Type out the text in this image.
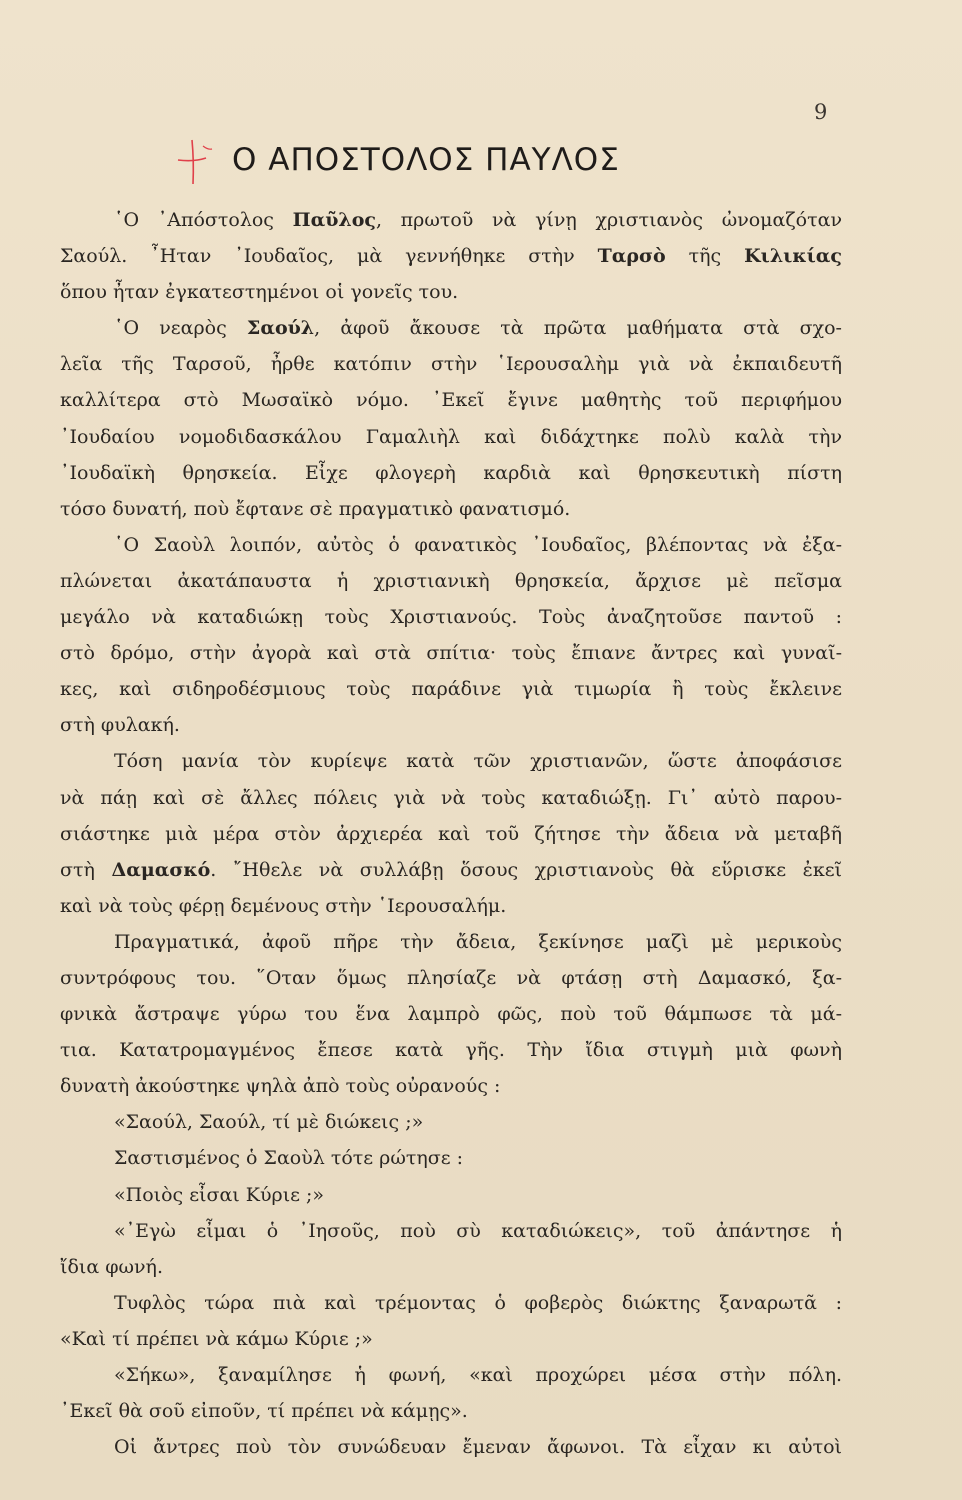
9
Ο ΑΠΟΣΤΟΛΟΣ ΠΑΥΛΟΣ
῾Ο ᾿Απόστολος Παῦλος, πρωτοῦ νὰ γίνῃ χριστιανὸς ὠνομαζόταν
Σαούλ. ῏Ηταν ᾿Ιουδαῖος, μὰ γεννήθηκε στὴν Ταρσὸ τῆς Κιλικίας
ὅπου ἦταν ἐγκατεστημένοι οἱ γονεῖς του.
῾Ο νεαρὸς Σαούλ, ἀφοῦ ἄκουσε τὰ πρῶτα μαθήματα στὰ σχο-
λεῖα τῆς Ταρσοῦ, ἦρθε κατόπιν στὴν ῾Ιερουσαλὴμ γιὰ νὰ ἐκπαιδευτῆ
καλλίτερα στὸ Μωσαϊκὸ νόμο. ᾿Εκεῖ ἔγινε μαθητὴς τοῦ περιφήμου
᾿Ιουδαίου νομοδιδασκάλου Γαμαλιὴλ καὶ διδάχτηκε πολὺ καλὰ τὴν
᾿Ιουδαϊκὴ θρησκεία. Εἶχε φλογερὴ καρδιὰ καὶ θρησκευτικὴ πίστη
τόσο δυνατή, ποὺ ἔφτανε σὲ πραγματικὸ φανατισμό.
῾Ο Σαοὺλ λοιπόν, αὐτὸς ὁ φανατικὸς ᾿Ιουδαῖος, βλέποντας νὰ ἐξα-
πλώνεται ἀκατάπαυστα ἡ χριστιανικὴ θρησκεία, ἄρχισε μὲ πεῖσμα
μεγάλο νὰ καταδιώκῃ τοὺς Χριστιανούς. Τοὺς ἀναζητοῦσε παντοῦ :
στὸ δρόμο, στὴν ἀγορὰ καὶ στὰ σπίτια· τοὺς ἔπιανε ἄντρες καὶ γυναῖ-
κες, καὶ σιδηροδέσμιους τοὺς παράδινε γιὰ τιμωρία ἢ τοὺς ἔκλεινε
στὴ φυλακή.
Τόση μανία τὸν κυρίεψε κατὰ τῶν χριστιανῶν, ὥστε ἀποφάσισε
νὰ πάῃ καὶ σὲ ἄλλες πόλεις γιὰ νὰ τοὺς καταδιώξῃ. Γι᾿ αὐτὸ παρου-
σιάστηκε μιὰ μέρα στὸν ἀρχιερέα καὶ τοῦ ζήτησε τὴν ἄδεια νὰ μεταβῆ
στὴ Δαμασκό. ῎Ηθελε νὰ συλλάβῃ ὅσους χριστιανοὺς θὰ εὕρισκε ἐκεῖ
καὶ νὰ τοὺς φέρῃ δεμένους στὴν ῾Ιερουσαλήμ.
Πραγματικά, ἀφοῦ πῆρε τὴν ἄδεια, ξεκίνησε μαζὶ μὲ μερικοὺς
συντρόφους του. ῞Οταν ὅμως πλησίαζε νὰ φτάσῃ στὴ Δαμασκό, ξα-
φνικὰ ἄστραψε γύρω του ἕνα λαμπρὸ φῶς, ποὺ τοῦ θάμπωσε τὰ μά-
τια. Κατατρομαγμένος ἔπεσε κατὰ γῆς. Τὴν ἴδια στιγμὴ μιὰ φωνὴ
δυνατὴ ἀκούστηκε ψηλὰ ἀπὸ τοὺς οὐρανούς :
«Σαούλ, Σαούλ, τί μὲ διώκεις ;»
Σαστισμένος ὁ Σαοὺλ τότε ρώτησε :
«Ποιὸς εἶσαι Κύριε ;»
«᾿Εγὼ εἶμαι ὁ ᾿Ιησοῦς, ποὺ σὺ καταδιώκεις», τοῦ ἀπάντησε ἡ
ἴδια φωνή.
Τυφλὸς τώρα πιὰ καὶ τρέμοντας ὁ φοβερὸς διώκτης ξαναρωτᾶ :
«Καὶ τί πρέπει νὰ κάμω Κύριε ;»
«Σήκω», ξαναμίλησε ἡ φωνή, «καὶ προχώρει μέσα στὴν πόλη.
᾿Εκεῖ θὰ σοῦ εἰποῦν, τί πρέπει νὰ κάμῃς».
Οἱ ἄντρες ποὺ τὸν συνώδευαν ἔμεναν ἄφωνοι. Τὰ εἶχαν κι αὐτοὶ
